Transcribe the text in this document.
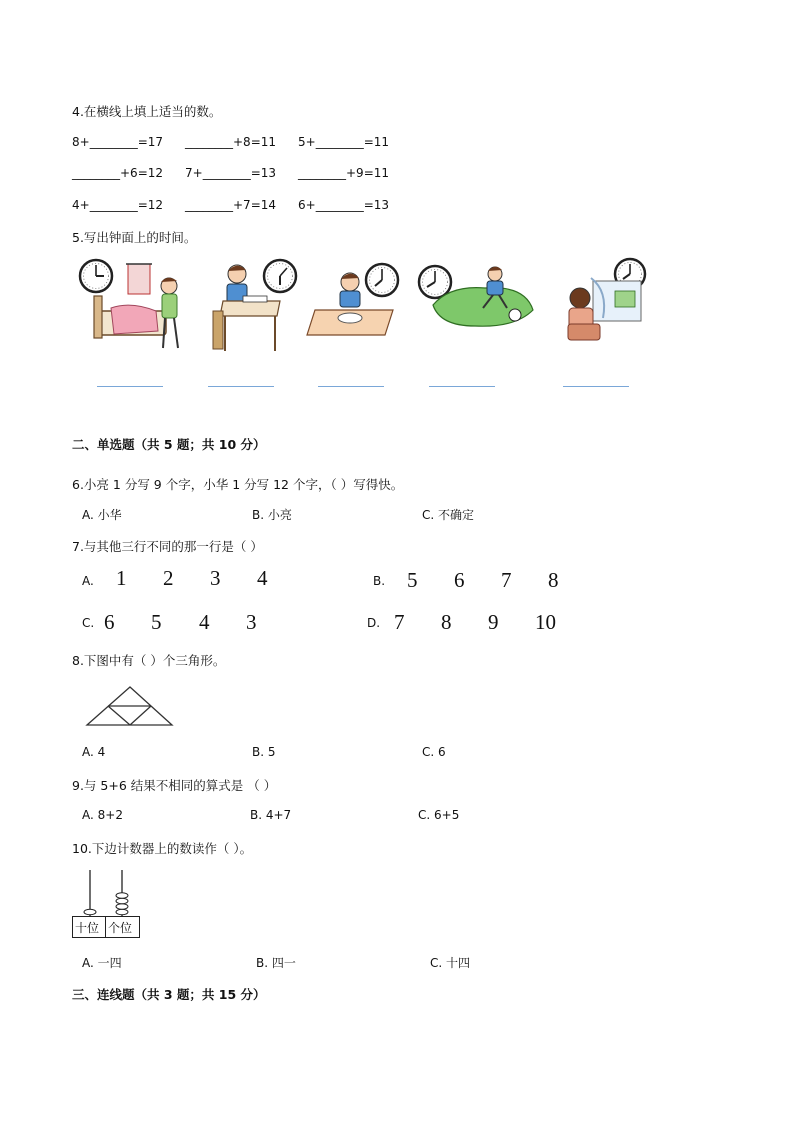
4.在横线上填上适当的数。
8+________=17 ________+8=11 5+________=11
________+6=12 7+________=13 ________+9=11
4+________=12 ________+7=14 6+________=13
5.写出钟面上的时间。
二、单选题（共 5 题；共 10 分）
6.小亮 1 分写 9 个字，小华 1 分写 12 个字，（ ）写得快。
A. 小华	B. 小亮	C. 不确定
7.与其他三行不同的那一行是（ ）
A. 1 2 3 4	B. 5 6 7 8
C. 6 5 4 3	D. 7 8 9 10
8.下图中有（ ）个三角形。
A. 4	B. 5	C. 6
9.与 5+6 结果不相同的算式是 （ ）
A. 8+2	B. 4+7	C. 6+5
10.下边计数器上的数读作（ ）。
十位 个位
A. 一四	B. 四一	C. 十四
三、连线题（共 3 题；共 15 分）
